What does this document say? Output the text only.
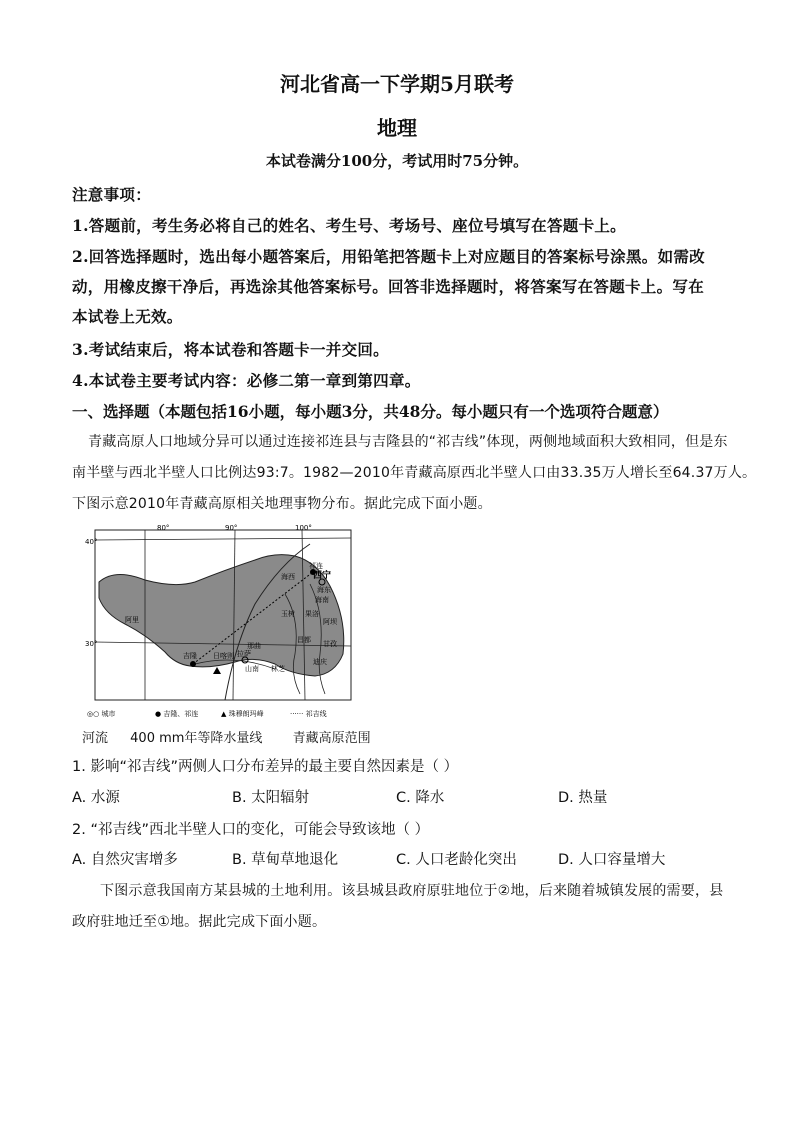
河北省高一下学期5月联考
地理
本试卷满分100分，考试用时75分钟。
注意事项：
1.答题前，考生务必将自己的姓名、考生号、考场号、座位号填写在答题卡上。
2.回答选择题时，选出每小题答案后，用铅笔把答题卡上对应题目的答案标号涂黑。如需改
动，用橡皮擦干净后，再选涂其他答案标号。回答非选择题时，将答案写在答题卡上。写在
本试卷上无效。
3.考试结束后，将本试卷和答题卡一并交回。
4.本试卷主要考试内容：必修二第一章到第四章。
一、选择题（本题包括16小题，每小题3分，共48分。每小题只有一个选项符合题意）
青藏高原人口地域分异可以通过连接祁连县与吉隆县的“祁吉线”体现，两侧地域面积大致相同，但是东
南半壁与西北半壁人口比例达93:7。1982—2010年青藏高原西北半壁人口由33.35万人增长至64.37万人。
下图示意2010年青藏高原相关地理事物分布。据此完成下面小题。
80°	90°	100°
40°
30°
祁连
海西 西宁
海东
海南
玉树 果洛
阿坝
阿里
那曲
昌都 甘孜
拉萨
日喀则
山南 林芝
吉隆
迪庆
◎○ 城市	● 吉隆、祁连	▲ 珠穆朗玛峰	······ 祁吉线
河流 400 mm年等降水量线 青藏高原范围
1. 影响“祁吉线”两侧人口分布差异的最主要自然因素是（ ）
A. 水源	B. 太阳辐射	C. 降水	D. 热量
2. “祁吉线”西北半壁人口的变化，可能会导致该地（ ）
A. 自然灾害增多	B. 草甸草地退化	C. 人口老龄化突出	D. 人口容量增大
下图示意我国南方某县城的土地利用。该县城县政府原驻地位于②地，后来随着城镇发展的需要，县
政府驻地迁至①地。据此完成下面小题。
